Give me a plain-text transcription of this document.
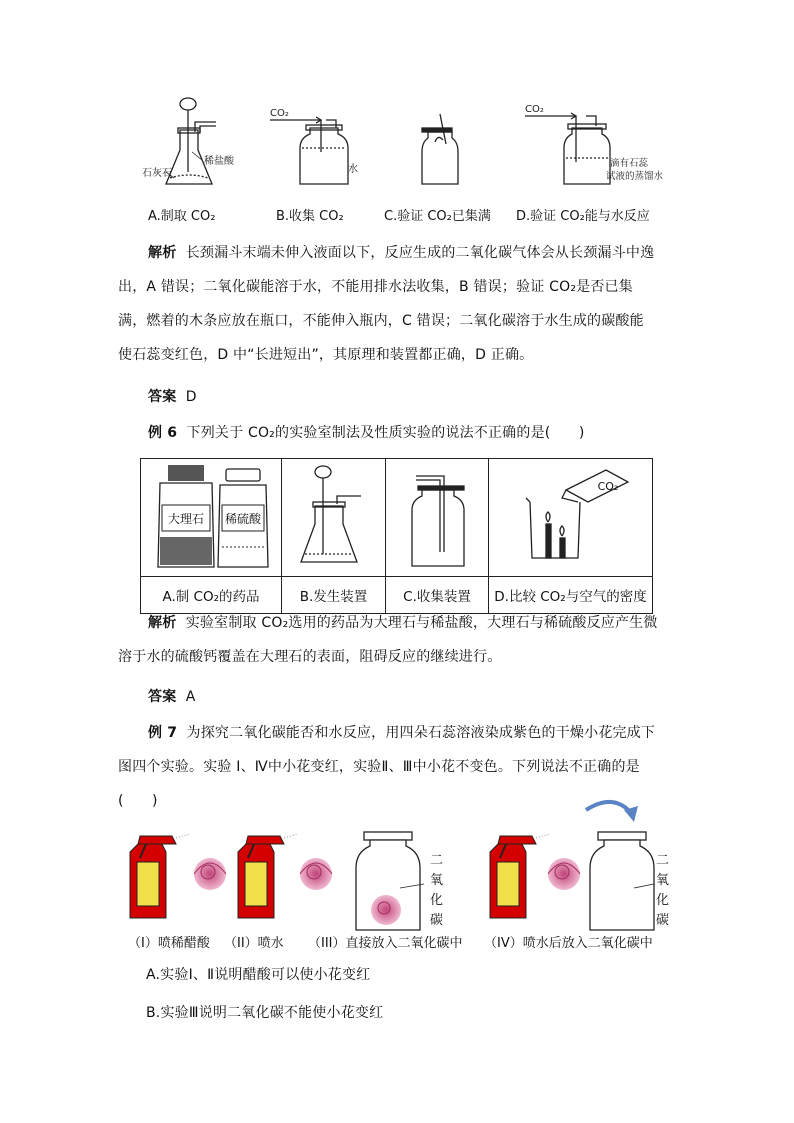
石灰石
稀盐酸
CO₂
水
CO₂
滴有石蕊
试液的蒸馏水
A.制取 CO₂	B.收集 CO₂	C.验证 CO₂已集满 D.验证 CO₂能与水反应
解析 长颈漏斗末端未伸入液面以下，反应生成的二氧化碳气体会从长颈漏斗中逸出，A 错误；二氧化碳能溶于水，不能用排水法收集，B 错误；验证 CO₂是否已集满，燃着的木条应放在瓶口，不能伸入瓶内，C 错误；二氧化碳溶于水生成的碳酸能使石蕊变红色，D 中“长进短出”，其原理和装置都正确，D 正确。
答案 D
例 6 下列关于 CO₂的实验室制法及性质实验的说法不正确的是(　　)
大理石 稀硫酸			CO₂

A.制 CO₂的药品	B.发生装置	C.收集装置	D.比较 CO₂与空气的密度
解析 实验室制取 CO₂选用的药品为大理石与稀盐酸，大理石与稀硫酸反应产生微溶于水的硫酸钙覆盖在大理石的表面，阻碍反应的继续进行。
答案 A
例 7 为探究二氧化碳能否和水反应，用四朵石蕊溶液染成紫色的干燥小花完成下图四个实验。实验 I、Ⅳ中小花变红，实验Ⅱ、Ⅲ中小花不变色。下列说法不正确的是(　　)
二
氧
化
碳
二
氧
化
碳
（I）喷稀醋酸 （II）喷水 （III）直接放入二氧化碳中 （IV）喷水后放入二氧化碳中
A.实验Ⅰ、Ⅱ说明醋酸可以使小花变红
B.实验Ⅲ说明二氧化碳不能使小花变红
